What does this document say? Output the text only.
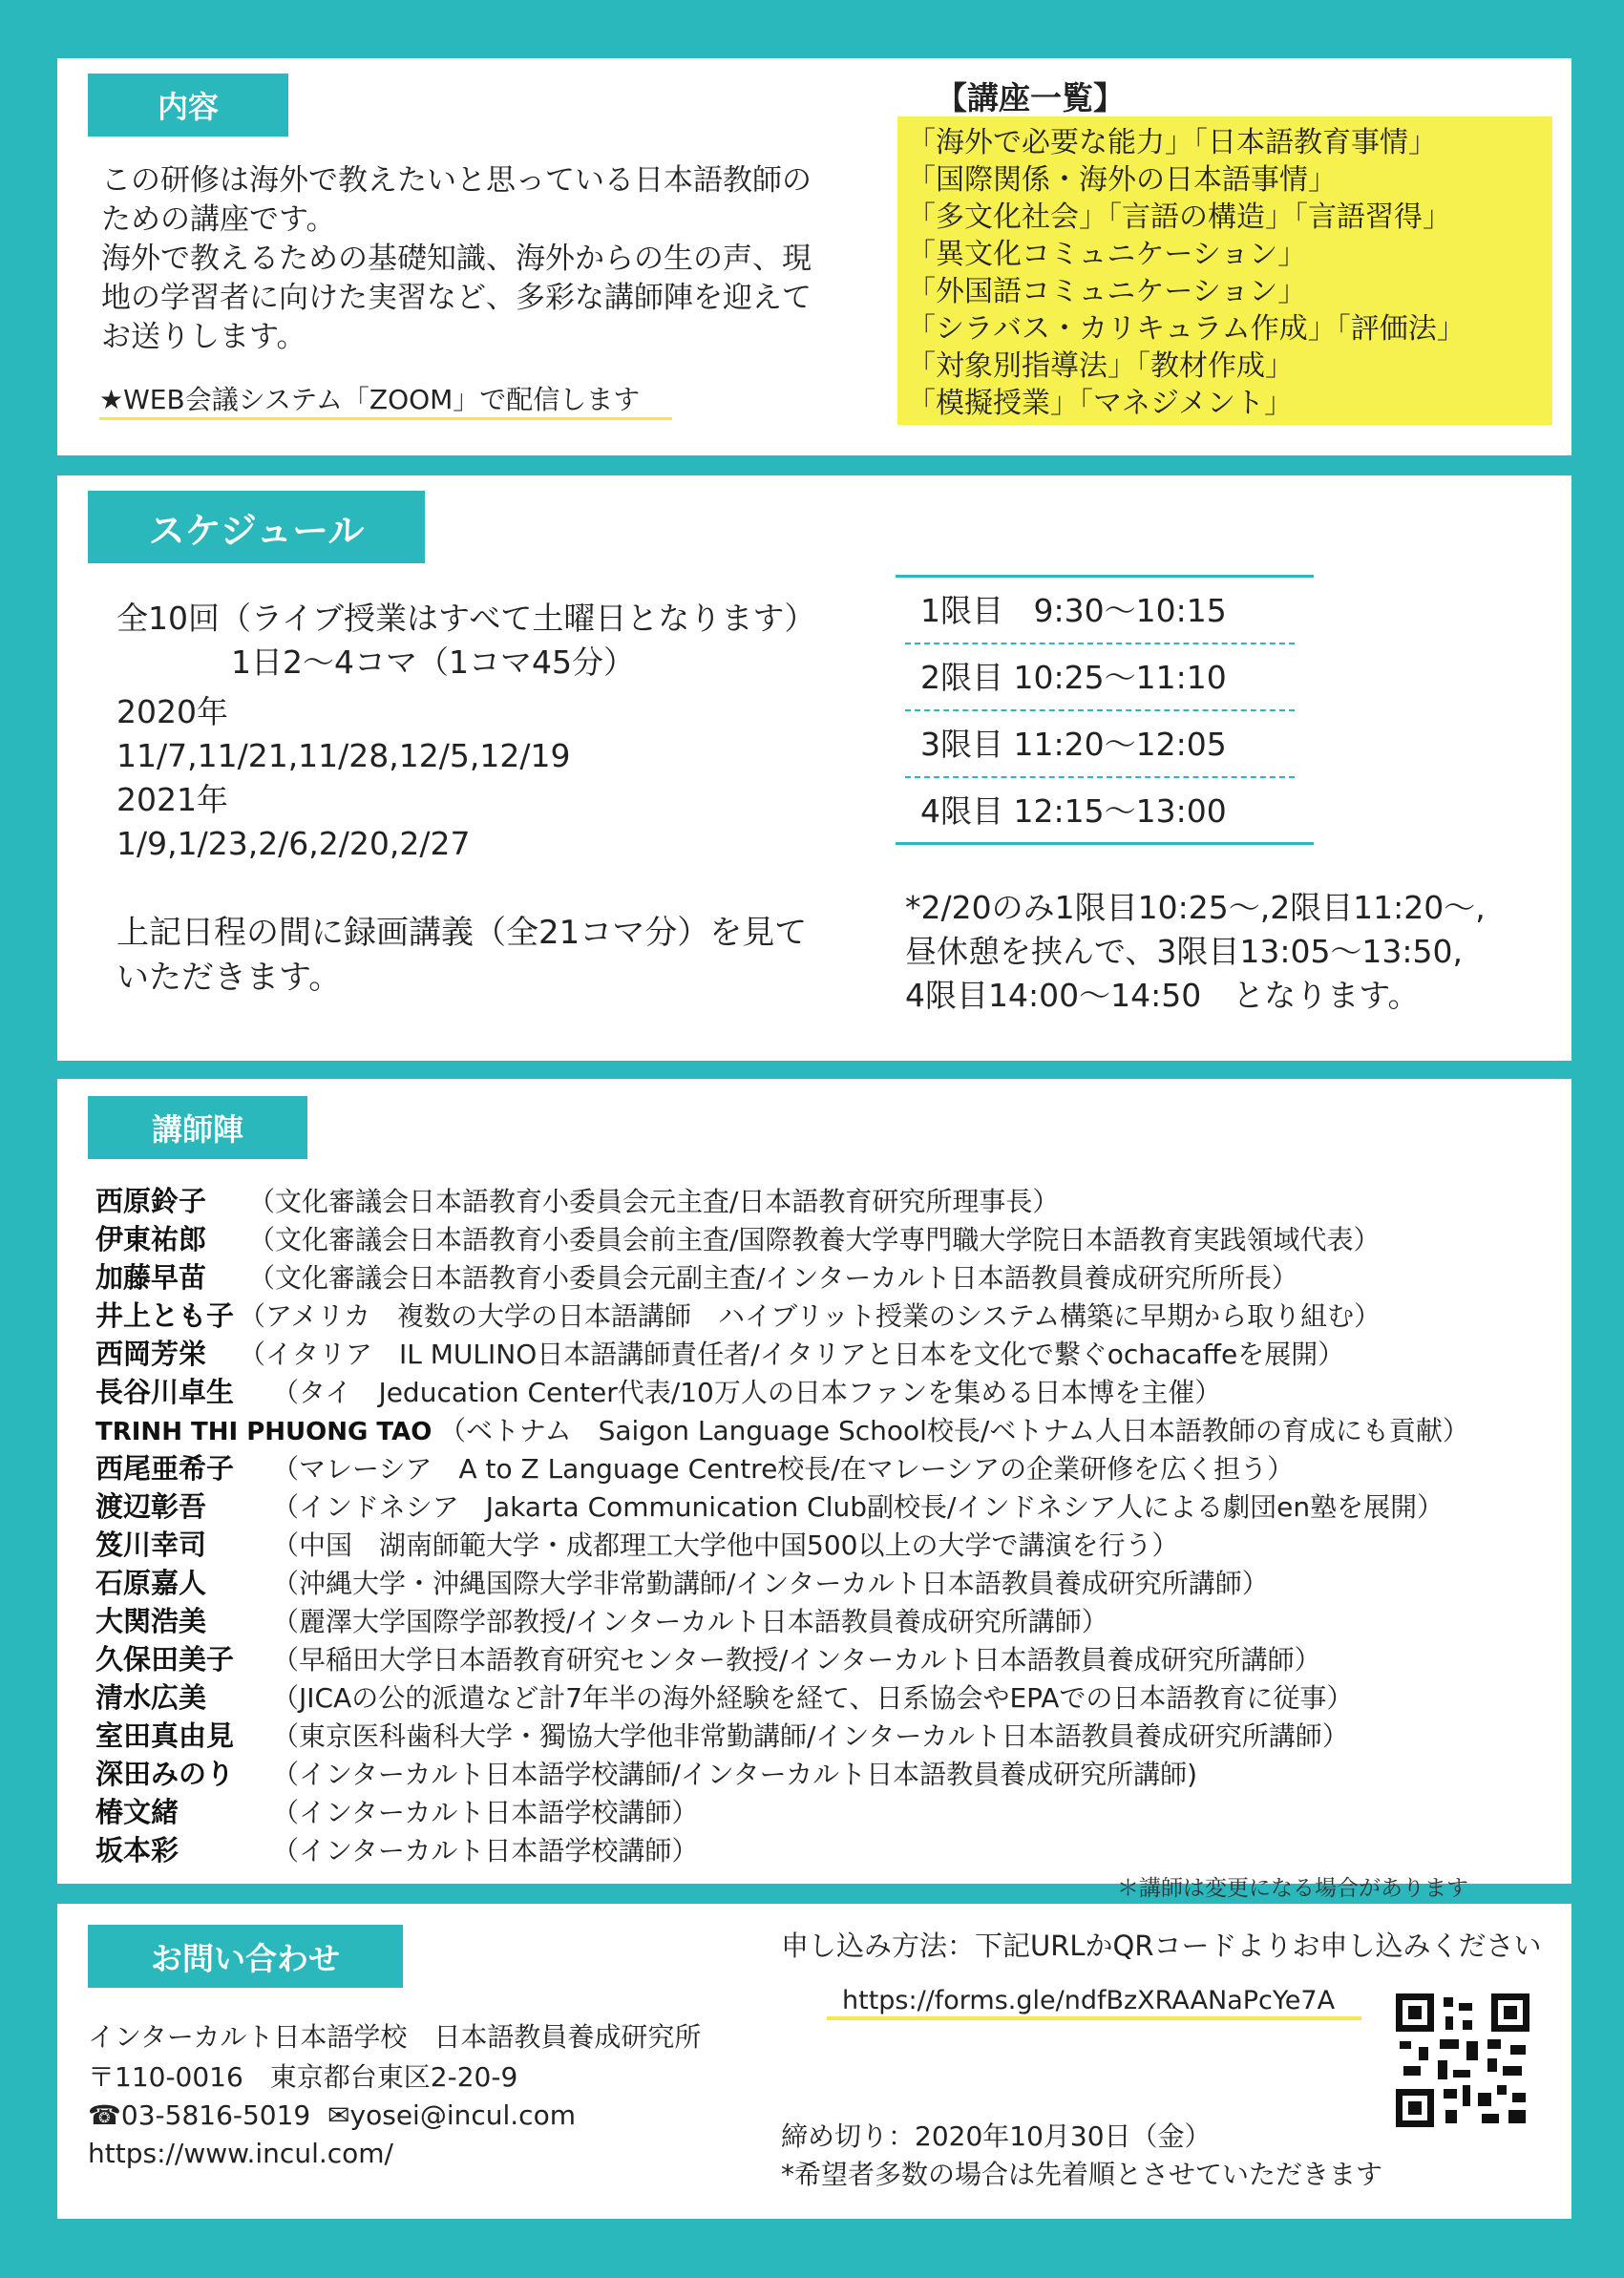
内容
この研修は海外で教えたいと思っている日本語教師の
ための講座です。
海外で教えるための基礎知識、海外からの生の声、現
地の学習者に向けた実習など、多彩な講師陣を迎えて
お送りします。
★WEB会議システム「ZOOM」で配信します
【講座一覧】
「海外で必要な能力」「日本語教育事情」
「国際関係・海外の日本語事情」
「多文化社会」「言語の構造」「言語習得」
「異文化コミュニケーション」
「外国語コミュニケーション」
「シラバス・カリキュラム作成」「評価法」
「対象別指導法」「教材作成」
「模擬授業」「マネジメント」
スケジュール
全10回（ライブ授業はすべて土曜日となります）
1日2～4コマ（1コマ45分）
2020年
11/7,11/21,11/28,12/5,12/19
2021年
1/9,1/23,2/6,2/20,2/27
上記日程の間に録画講義（全21コマ分）を見て
いただきます。
1限目 9:30～10:15
2限目 10:25～11:10
3限目 11:20～12:05
4限目 12:15～13:00
*2/20のみ1限目10:25～,2限目11:20～,
昼休憩を挟んで、3限目13:05～13:50,
4限目14:00～14:50　となります。
講師陣
西原鈴子 （文化審議会日本語教育小委員会元主査/日本語教育研究所理事長）
伊東祐郎 （文化審議会日本語教育小委員会前主査/国際教養大学専門職大学院日本語教育実践領域代表）
加藤早苗 （文化審議会日本語教育小委員会元副主査/インターカルト日本語教員養成研究所所長）
井上とも子 （アメリカ　複数の大学の日本語講師　ハイブリット授業のシステム構築に早期から取り組む）
西岡芳栄 （イタリア　IL MULINO日本語講師責任者/イタリアと日本を文化で繋ぐochacaffeを展開）
長谷川卓生 （タイ　Jeducation Center代表/10万人の日本ファンを集める日本博を主催）
TRINH THI PHUONG TAO （ベトナム　Saigon Language School校長/ベトナム人日本語教師の育成にも貢献）
西尾亜希子 （マレーシア　A to Z Language Centre校長/在マレーシアの企業研修を広く担う）
渡辺彰吾 （インドネシア　Jakarta Communication Club副校長/インドネシア人による劇団en塾を展開）
笈川幸司 （中国　湖南師範大学・成都理工大学他中国500以上の大学で講演を行う）
石原嘉人 （沖縄大学・沖縄国際大学非常勤講師/インターカルト日本語教員養成研究所講師）
大関浩美 （麗澤大学国際学部教授/インターカルト日本語教員養成研究所講師）
久保田美子 （早稲田大学日本語教育研究センター教授/インターカルト日本語教員養成研究所講師）
清水広美 （JICAの公的派遣など計7年半の海外経験を経て、日系協会やEPAでの日本語教育に従事）
室田真由見 （東京医科歯科大学・獨協大学他非常勤講師/インターカルト日本語教員養成研究所講師）
深田みのり （インターカルト日本語学校講師/インターカルト日本語教員養成研究所講師)
椿文緒	（インターカルト日本語学校講師）
坂本彩	（インターカルト日本語学校講師）
＊講師は変更になる場合があります
お問い合わせ
インターカルト日本語学校　日本語教員養成研究所
〒110-0016　東京都台東区2-20-9
☎03-5816-5019 ✉yosei@incul.com
https://www.incul.com/
申し込み方法：下記URLかQRコードよりお申し込みください
https://forms.gle/ndfBzXRAANaPcYe7A
締め切り：2020年10月30日（金）
*希望者多数の場合は先着順とさせていただきます
